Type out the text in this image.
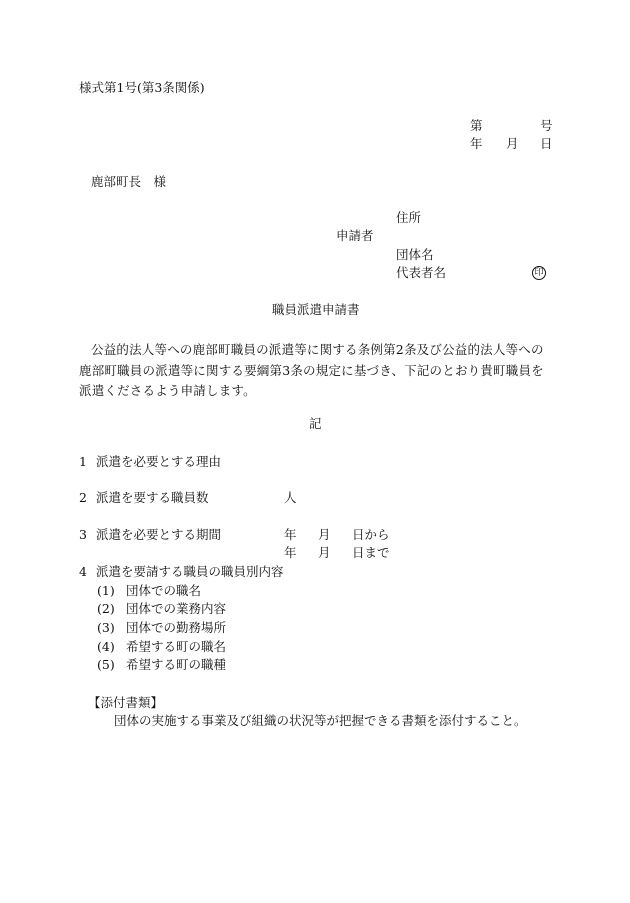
様式第1号(第3条関係)
第	号
年 月 日
鹿部町長　様
住所
申請者
団体名
代表者名	印
職員派遣申請書
公益的法人等への鹿部町職員の派遣等に関する条例第2条及び公益的法人等への鹿部町職員の派遣等に関する要綱第3条の規定に基づき、下記のとおり貴町職員を派遣くださるよう申請します。
記
1 派遣を必要とする理由
2 派遣を要する職員数	人
3 派遣を必要とする期間	年 月 日から
年 月 日まで
4 派遣を要請する職員の職員別内容
(1) 団体での職名
(2) 団体での業務内容
(3) 団体での勤務場所
(4) 希望する町の職名
(5) 希望する町の職種
【添付書類】
団体の実施する事業及び組織の状況等が把握できる書類を添付すること。
